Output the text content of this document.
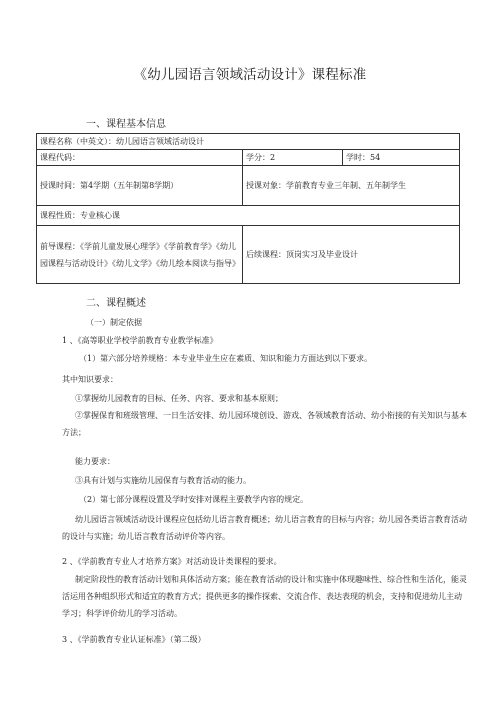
《幼儿园语言领域活动设计》课程标准
一、课程基本信息
课程名称（中英文）：幼儿园语言领域活动设计		
课程代码：	学分：2	学时：54
授课时间：第4学期（五年制第8学期）	授课对象：学前教育专业三年制、五年制学生	
课程性质：专业核心课		
前导课程：《学前儿童发展心理学》《学前教育学》《幼儿园课程与活动设计》《幼儿文学》《幼儿绘本阅读与指导》	后续课程：顶岗实习及毕业设计	
二、课程概述
（一）制定依据
1 、《高等职业学校学前教育专业教学标准》
（1）第六部分培养规格：本专业毕业生应在素质、知识和能力方面达到以下要求。
其中知识要求：
①掌握幼儿园教育的目标、任务、内容、要求和基本原则；
②掌握保育和班级管理、一日生活安排、幼儿园环境创设、游戏、各领域教育活动、幼小衔接的有关知识与基本方法；
能力要求：
③具有计划与实施幼儿园保育与教育活动的能力。
（2）第七部分课程设置及学时安排对课程主要教学内容的规定。
幼儿园语言领域活动设计课程应包括幼儿语言教育概述；幼儿语言教育的目标与内容；幼儿园各类语言教育活动的设计与实施；幼儿语言教育活动评价等内容。
2 、《学前教育专业人才培养方案》对活动设计类课程的要求。
制定阶段性的教育活动计划和具体活动方案；能在教育活动的设计和实施中体现趣味性、综合性和生活化，能灵活运用各种组织形式和适宜的教育方式；提供更多的操作探索、交流合作、表达表现的机会，支持和促进幼儿主动学习；科学评价幼儿的学习活动。
3 、《学前教育专业认证标准》（第二级）
